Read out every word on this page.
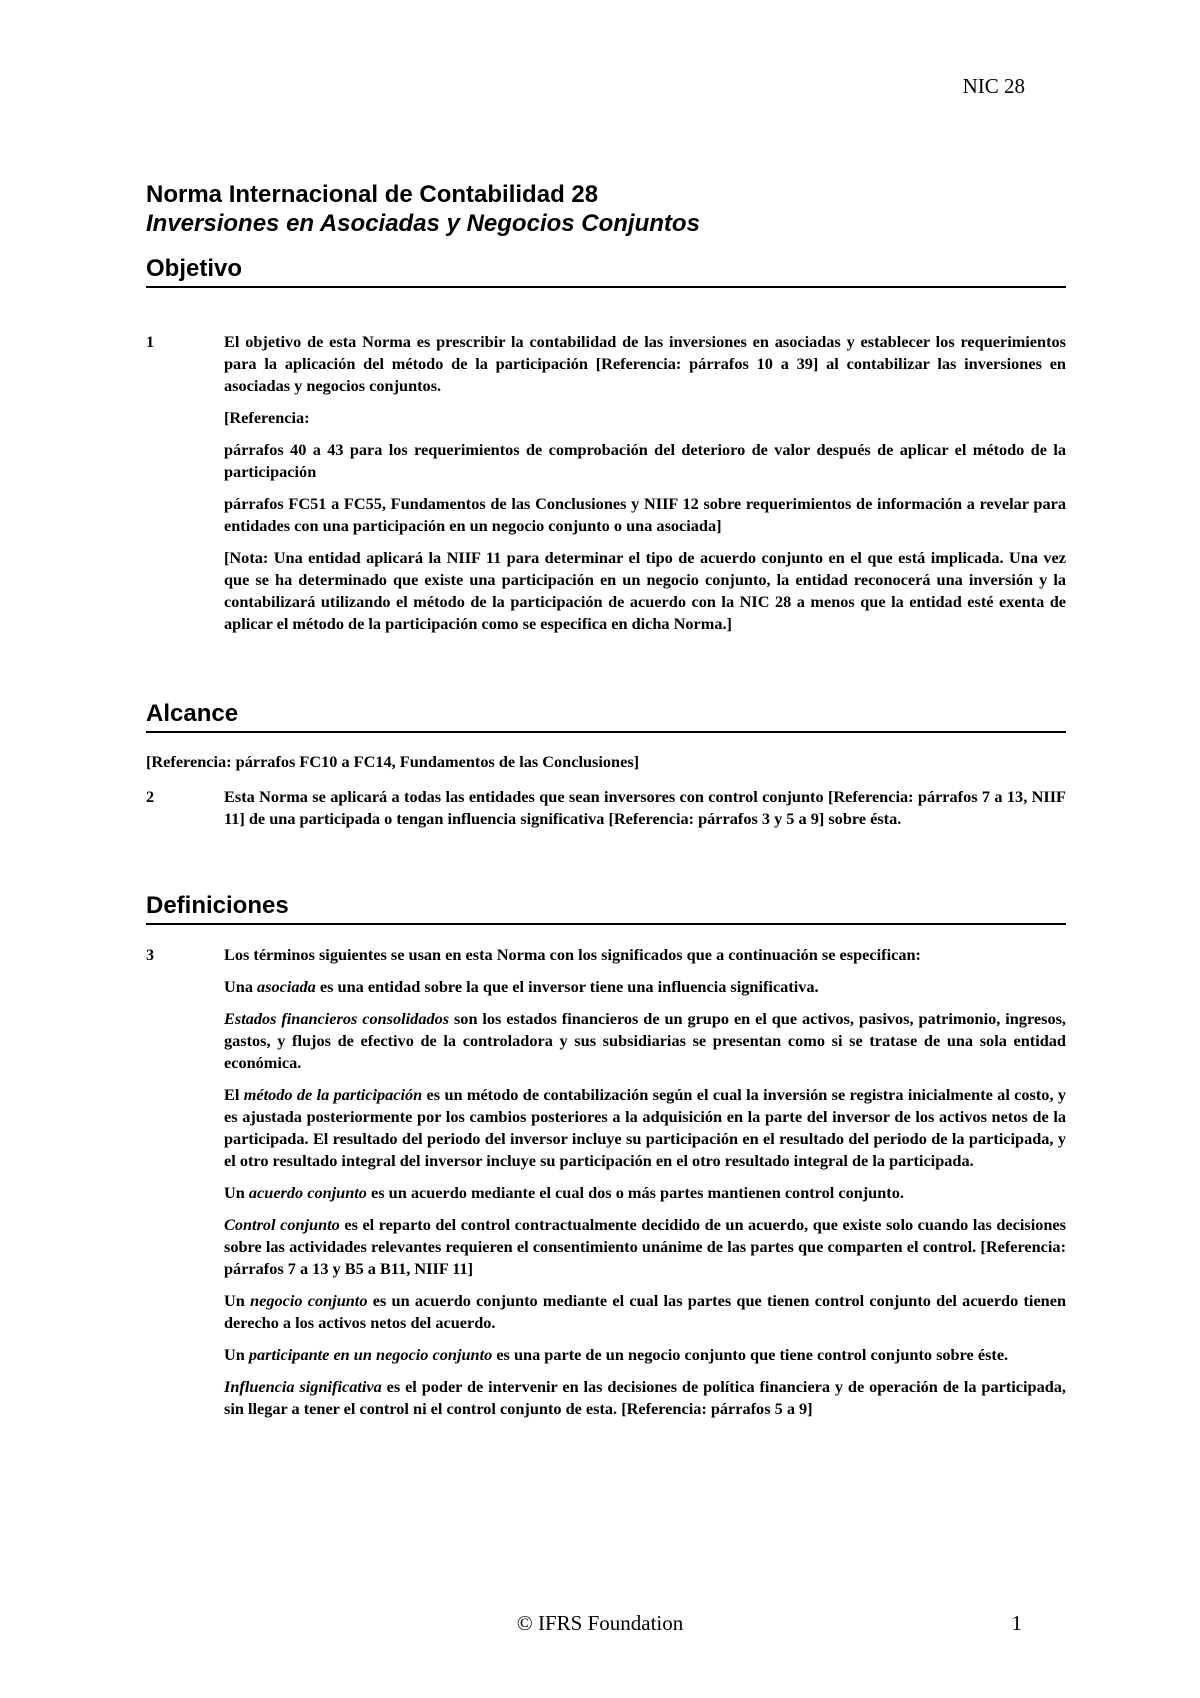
NIC 28
Norma Internacional de Contabilidad 28
Inversiones en Asociadas y Negocios Conjuntos
Objetivo
1	El objetivo de esta Norma es prescribir la contabilidad de las inversiones en asociadas y establecer los requerimientos para la aplicación del método de la participación [Referencia: párrafos 10 a 39] al contabilizar las inversiones en asociadas y negocios conjuntos.

[Referencia:

párrafos 40 a 43 para los requerimientos de comprobación del deterioro de valor después de aplicar el método de la participación

párrafos FC51 a FC55, Fundamentos de las Conclusiones y NIIF 12 sobre requerimientos de información a revelar para entidades con una participación en un negocio conjunto o una asociada]

[Nota: Una entidad aplicará la NIIF 11 para determinar el tipo de acuerdo conjunto en el que está implicada. Una vez que se ha determinado que existe una participación en un negocio conjunto, la entidad reconocerá una inversión y la contabilizará utilizando el método de la participación de acuerdo con la NIC 28 a menos que la entidad esté exenta de aplicar el método de la participación como se especifica en dicha Norma.]

Alcance
[Referencia: párrafos FC10 a FC14, Fundamentos de las Conclusiones]
2	Esta Norma se aplicará a todas las entidades que sean inversores con control conjunto [Referencia: párrafos 7 a 13, NIIF 11] de una participada o tengan influencia significativa [Referencia: párrafos 3 y 5 a 9] sobre ésta.

Definiciones
3	Los términos siguientes se usan en esta Norma con los significados que a continuación se especifican:

Una asociada es una entidad sobre la que el inversor tiene una influencia significativa.

Estados financieros consolidados son los estados financieros de un grupo en el que activos, pasivos, patrimonio, ingresos, gastos, y flujos de efectivo de la controladora y sus subsidiarias se presentan como si se tratase de una sola entidad económica.

El método de la participación es un método de contabilización según el cual la inversión se registra inicialmente al costo, y es ajustada posteriormente por los cambios posteriores a la adquisición en la parte del inversor de los activos netos de la participada. El resultado del periodo del inversor incluye su participación en el resultado del periodo de la participada, y el otro resultado integral del inversor incluye su participación en el otro resultado integral de la participada.

Un acuerdo conjunto es un acuerdo mediante el cual dos o más partes mantienen control conjunto.

Control conjunto es el reparto del control contractualmente decidido de un acuerdo, que existe solo cuando las decisiones sobre las actividades relevantes requieren el consentimiento unánime de las partes que comparten el control. [Referencia: párrafos 7 a 13 y B5 a B11, NIIF 11]

Un negocio conjunto es un acuerdo conjunto mediante el cual las partes que tienen control conjunto del acuerdo tienen derecho a los activos netos del acuerdo.

Un participante en un negocio conjunto es una parte de un negocio conjunto que tiene control conjunto sobre éste.

Influencia significativa es el poder de intervenir en las decisiones de política financiera y de operación de la participada, sin llegar a tener el control ni el control conjunto de esta. [Referencia: párrafos 5 a 9]

© IFRS Foundation	1
